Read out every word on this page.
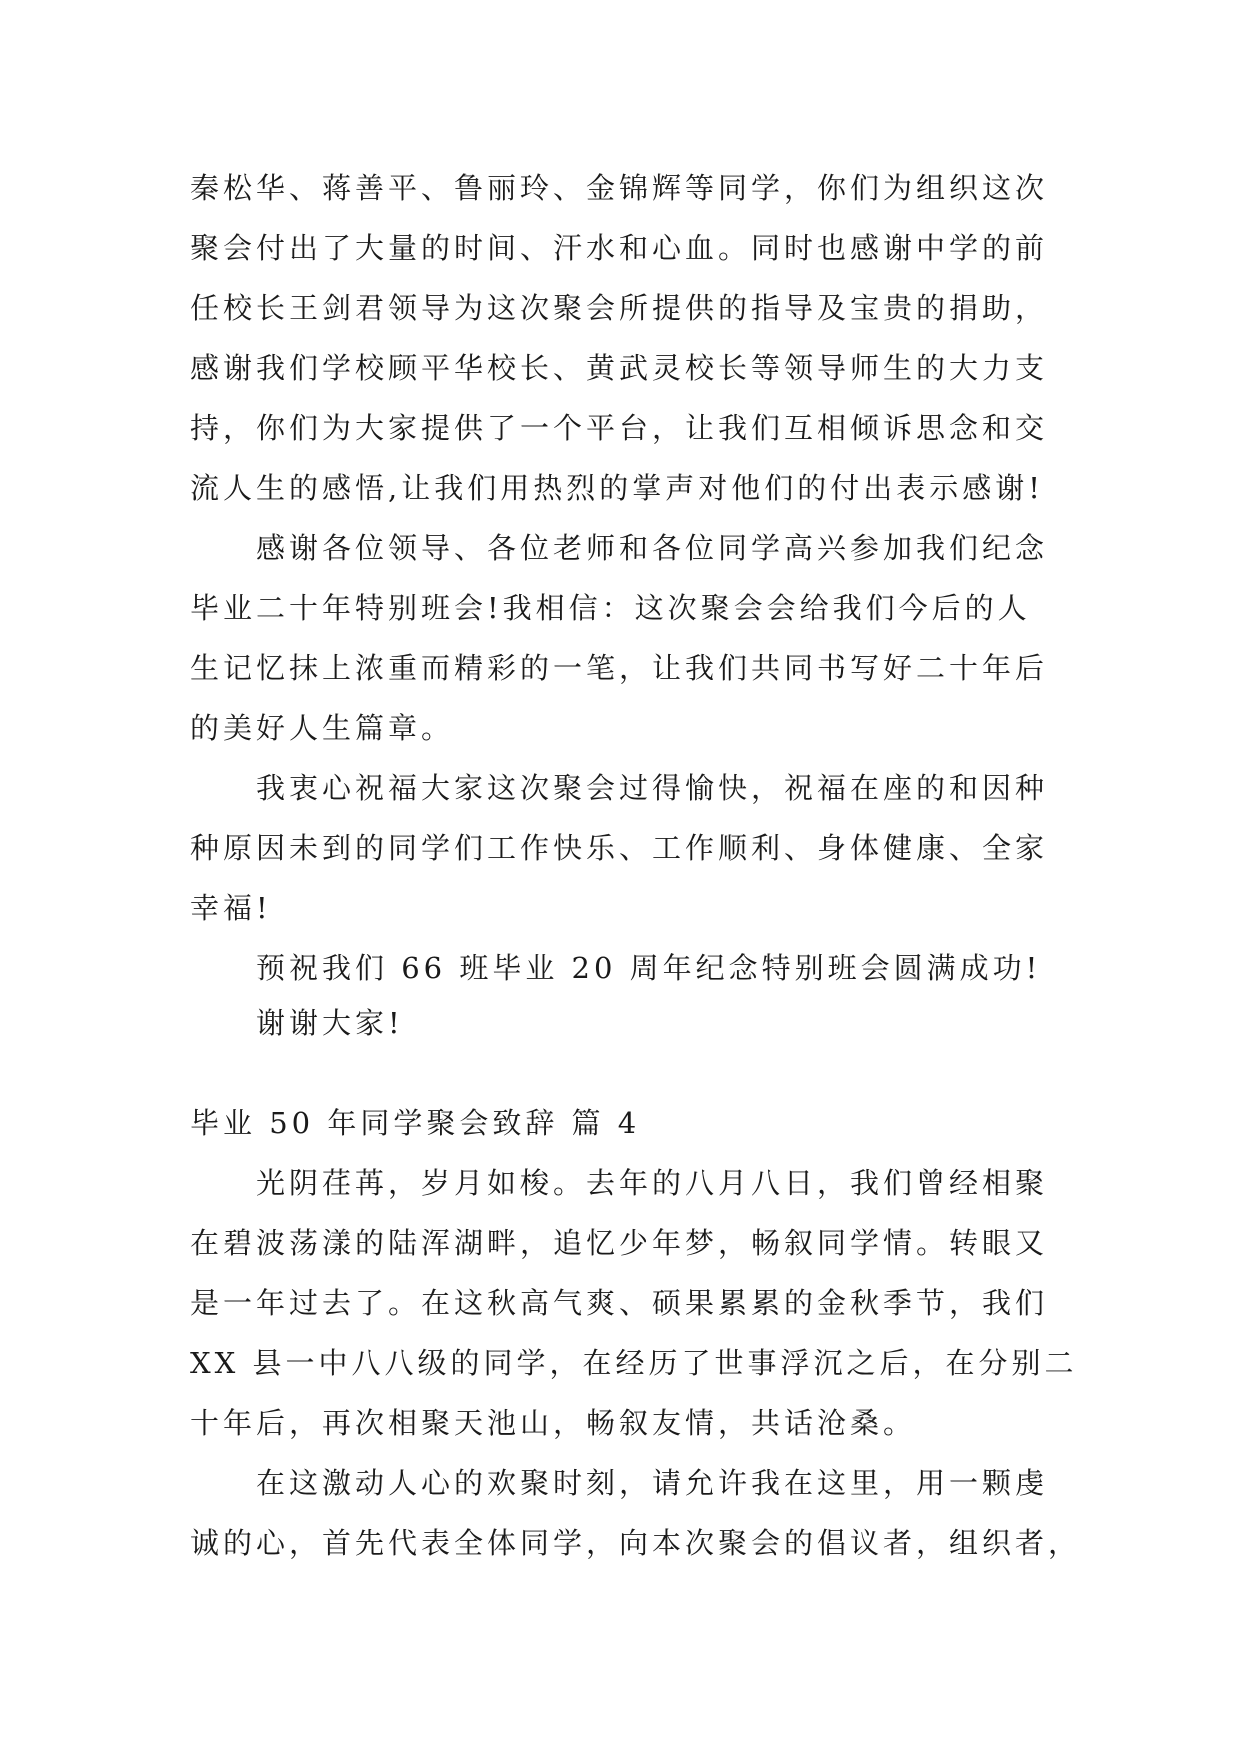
秦松华、蒋善平、鲁丽玲、金锦辉等同学，你们为组织这次
聚会付出了大量的时间、汗水和心血。同时也感谢中学的前
任校长王剑君领导为这次聚会所提供的指导及宝贵的捐助，
感谢我们学校顾平华校长、黄武灵校长等领导师生的大力支
持，你们为大家提供了一个平台，让我们互相倾诉思念和交
流人生的感悟,让我们用热烈的掌声对他们的付出表示感谢!
感谢各位领导、各位老师和各位同学高兴参加我们纪念
毕业二十年特别班会!我相信：这次聚会会给我们今后的人
生记忆抹上浓重而精彩的一笔，让我们共同书写好二十年后
的美好人生篇章。
我衷心祝福大家这次聚会过得愉快，祝福在座的和因种
种原因未到的同学们工作快乐、工作顺利、身体健康、全家
幸福!
预祝我们 66 班毕业 20 周年纪念特别班会圆满成功!
谢谢大家!
毕业 50 年同学聚会致辞 篇 4
光阴荏苒，岁月如梭。去年的八月八日，我们曾经相聚
在碧波荡漾的陆浑湖畔，追忆少年梦，畅叙同学情。转眼又
是一年过去了。在这秋高气爽、硕果累累的金秋季节，我们
XX 县一中八八级的同学，在经历了世事浮沉之后，在分别二
十年后，再次相聚天池山，畅叙友情，共话沧桑。
在这激动人心的欢聚时刻，请允许我在这里，用一颗虔
诚的心，首先代表全体同学，向本次聚会的倡议者，组织者，
